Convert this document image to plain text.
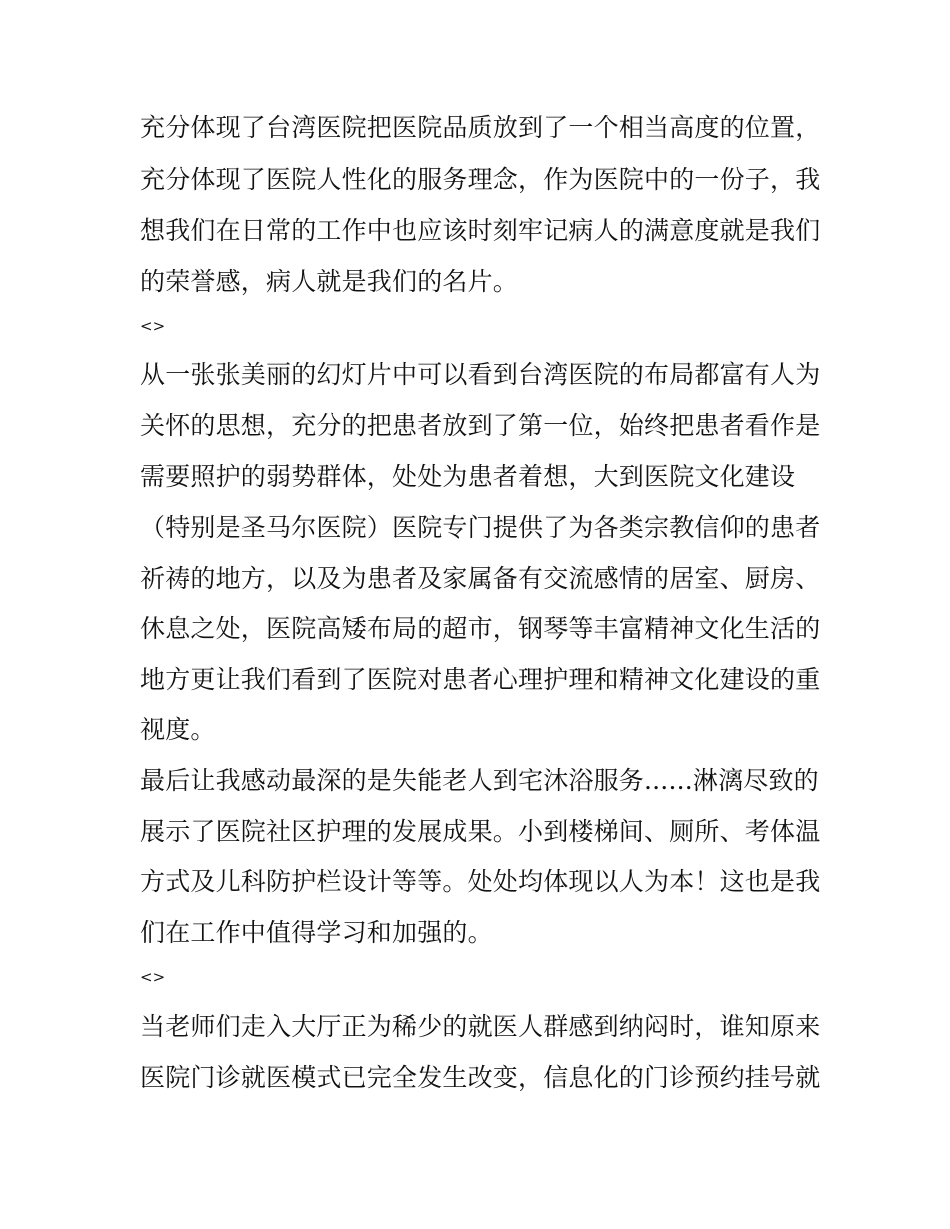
充分体现了台湾医院把医院品质放到了一个相当高度的位置，
充分体现了医院人性化的服务理念，作为医院中的一份子，我
想我们在日常的工作中也应该时刻牢记病人的满意度就是我们
的荣誉感，病人就是我们的名片。
<>
从一张张美丽的幻灯片中可以看到台湾医院的布局都富有人为
关怀的思想，充分的把患者放到了第一位，始终把患者看作是
需要照护的弱势群体，处处为患者着想，大到医院文化建设
（特别是圣马尔医院）医院专门提供了为各类宗教信仰的患者
祈祷的地方，以及为患者及家属备有交流感情的居室、厨房、
休息之处，医院高矮布局的超市，钢琴等丰富精神文化生活的
地方更让我们看到了医院对患者心理护理和精神文化建设的重
视度。
最后让我感动最深的是失能老人到宅沐浴服务......淋漓尽致的
展示了医院社区护理的发展成果。小到楼梯间、厕所、考体温
方式及儿科防护栏设计等等。处处均体现以人为本！这也是我
们在工作中值得学习和加强的。
<>
当老师们走入大厅正为稀少的就医人群感到纳闷时，谁知原来
医院门诊就医模式已完全发生改变，信息化的门诊预约挂号就
